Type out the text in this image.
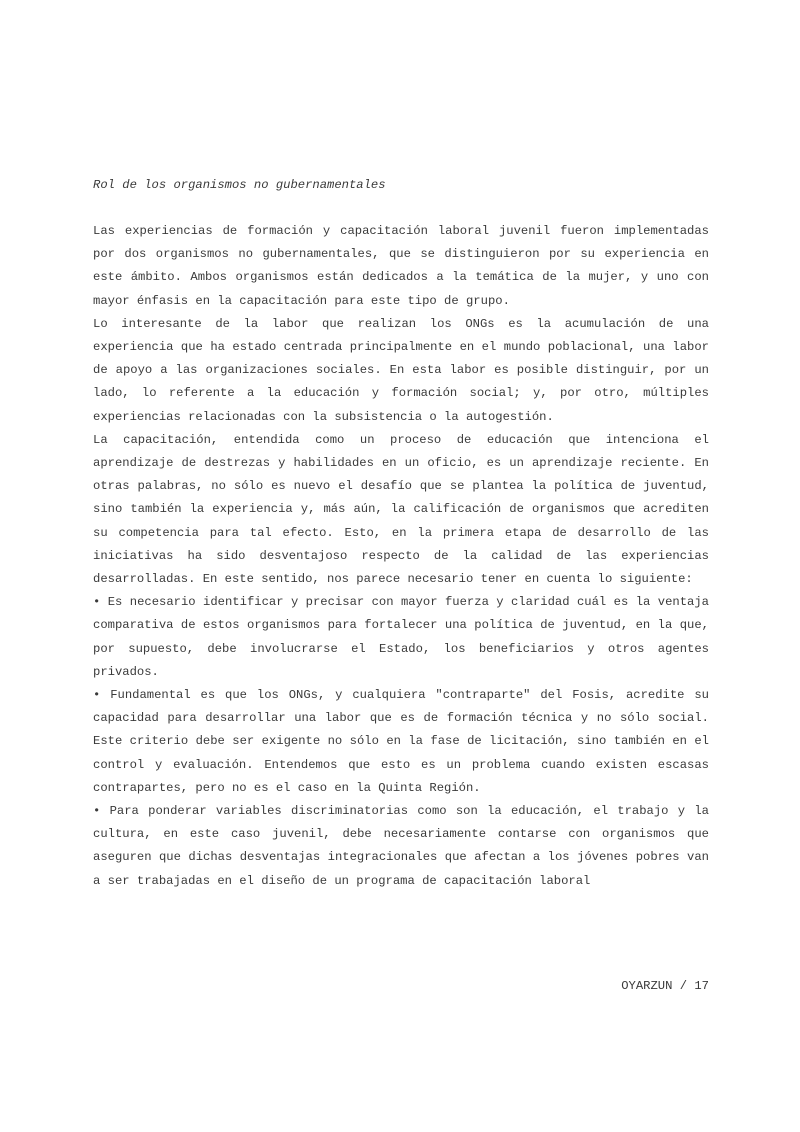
Rol de los organismos no gubernamentales

Las experiencias de formación y capacitación laboral juvenil fueron implementadas por dos organismos no gubernamentales, que se distinguieron por su experiencia en este ámbito. Ambos organismos están dedicados a la temática de la mujer, y uno con mayor énfasis en la capacitación para este tipo de grupo.

Lo interesante de la labor que realizan los ONGs es la acumulación de una experiencia que ha estado centrada principalmente en el mundo poblacional, una labor de apoyo a las organizaciones sociales. En esta labor es posible distinguir, por un lado, lo referente a la educación y formación social; y, por otro, múltiples experiencias relacionadas con la subsistencia o la autogestión.

La capacitación, entendida como un proceso de educación que intenciona el aprendizaje de destrezas y habilidades en un oficio, es un aprendizaje reciente. En otras palabras, no sólo es nuevo el desafío que se plantea la política de juventud, sino también la experiencia y, más aún, la calificación de organismos que acrediten su competencia para tal efecto. Esto, en la primera etapa de desarrollo de las iniciativas ha sido desventajoso respecto de la calidad de las experiencias desarrolladas. En este sentido, nos parece necesario tener en cuenta lo siguiente:

• Es necesario identificar y precisar con mayor fuerza y claridad cuál es la ventaja comparativa de estos organismos para fortalecer una política de juventud, en la que, por supuesto, debe involucrarse el Estado, los beneficiarios y otros agentes privados.

• Fundamental es que los ONGs, y cualquiera "contraparte" del Fosis, acredite su capacidad para desarrollar una labor que es de formación técnica y no sólo social. Este criterio debe ser exigente no sólo en la fase de licitación, sino también en el control y evaluación. Entendemos que esto es un problema cuando existen escasas contrapartes, pero no es el caso en la Quinta Región.

• Para ponderar variables discriminatorias como son la educación, el trabajo y la cultura, en este caso juvenil, debe necesariamente contarse con organismos que aseguren que dichas desventajas integracionales que afectan a los jóvenes pobres van a ser trabajadas en el diseño de un programa de capacitación laboral

OYARZUN / 17
